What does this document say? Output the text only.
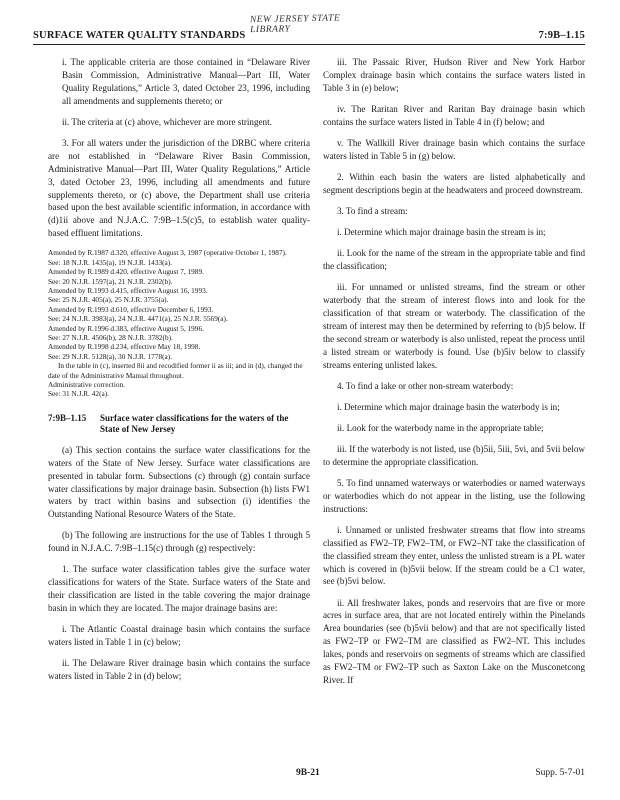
NEW JERSEY STATE LIBRARY
SURFACE WATER QUALITY STANDARDS	7:9B–1.15

i. The applicable criteria are those contained in “Delaware River Basin Commission, Administrative Manual—Part III, Water Quality Regulations,” Article 3, dated October 23, 1996, including all amendments and supplements thereto; or

ii. The criteria at (c) above, whichever are more stringent.

3. For all waters under the jurisdiction of the DRBC where criteria are not established in “Delaware River Basin Commission, Administrative Manual—Part III, Water Quality Regulations,” Article 3, dated October 23, 1996, including all amendments and future supplements thereto, or (c) above, the Department shall use criteria based upon the best available scientific information, in accordance with (d)1ii above and N.J.A.C. 7:9B–1.5(c)5, to establish water quality-based effluent limitations.

Amended by R.1987 d.320, effective August 3, 1987 (operative October 1, 1987).
See: 18 N.J.R. 1435(a), 19 N.J.R. 1433(a).
Amended by R.1989 d.420, effective August 7, 1989.
See: 20 N.J.R. 1597(a), 21 N.J.R. 2302(b).
Amended by R.1993 d.415, effective August 16, 1993.
See: 25 N.J.R. 405(a), 25 N.J.R. 3755(a).
Amended by R.1993 d.610, effective December 6, 1993.
See: 24 N.J.R. 3983(a), 24 N.J.R. 4471(a), 25 N.J.R. 5569(a).
Amended by R.1996 d.383, effective August 5, 1996.
See: 27 N.J.R. 4506(b), 28 N.J.R. 3782(b).
Amended by R.1998 d.234, effective May 18, 1998.
See: 29 N.J.R. 5128(a), 30 N.J.R. 1778(a).
In the table in (c), inserted 8ii and recodified former ii as iii; and in (d), changed the date of the Administrative Manual throughout.
Administrative correction.
See: 31 N.J.R. 42(a).
7:9B–1.15	Surface water classifications for the waters of the State of New Jersey

(a) This section contains the surface water classifications for the waters of the State of New Jersey. Surface water classifications are presented in tabular form. Subsections (c) through (g) contain surface water classifications by major drainage basin. Subsection (h) lists FW1 waters by tract within basins and subsection (i) identifies the Outstanding National Resource Waters of the State.

(b) The following are instructions for the use of Tables 1 through 5 found in N.J.A.C. 7:9B–1.15(c) through (g) respectively:

1. The surface water classification tables give the surface water classifications for waters of the State. Surface waters of the State and their classification are listed in the table covering the major drainage basin in which they are located. The major drainage basins are:

i. The Atlantic Coastal drainage basin which contains the surface waters listed in Table 1 in (c) below;

ii. The Delaware River drainage basin which contains the surface waters listed in Table 2 in (d) below;

iii. The Passaic River, Hudson River and New York Harbor Complex drainage basin which contains the surface waters listed in Table 3 in (e) below;

iv. The Raritan River and Raritan Bay drainage basin which contains the surface waters listed in Table 4 in (f) below; and

v. The Wallkill River drainage basin which contains the surface waters listed in Table 5 in (g) below.

2. Within each basin the waters are listed alphabetically and segment descriptions begin at the headwaters and proceed downstream.

3. To find a stream:

i. Determine which major drainage basin the stream is in;

ii. Look for the name of the stream in the appropriate table and find the classification;

iii. For unnamed or unlisted streams, find the stream or other waterbody that the stream of interest flows into and look for the classification of that stream or waterbody. The classification of the stream of interest may then be determined by referring to (b)5 below. If the second stream or waterbody is also unlisted, repeat the process until a listed stream or waterbody is found. Use (b)5iv below to classify streams entering unlisted lakes.

4. To find a lake or other non-stream waterbody:

i. Determine which major drainage basin the waterbody is in;

ii. Look for the waterbody name in the appropriate table;

iii. If the waterbody is not listed, use (b)5ii, 5iii, 5vi, and 5vii below to determine the appropriate classification.

5. To find unnamed waterways or waterbodies or named waterways or waterbodies which do not appear in the listing, use the following instructions:

i. Unnamed or unlisted freshwater streams that flow into streams classified as FW2–TP, FW2–TM, or FW2–NT take the classification of the classified stream they enter, unless the unlisted stream is a PL water which is covered in (b)5vii below. If the stream could be a C1 water, see (b)5vi below.

ii. All freshwater lakes, ponds and reservoirs that are five or more acres in surface area, that are not located entirely within the Pinelands Area boundaries (see (b)5vii below) and that are not specifically listed as FW2–TP or FW2–TM are classified as FW2–NT. This includes lakes, ponds and reservoirs on segments of streams which are classified as FW2–TM or FW2–TP such as Saxton Lake on the Musconetcong River. If

9B-21	Supp. 5-7-01
